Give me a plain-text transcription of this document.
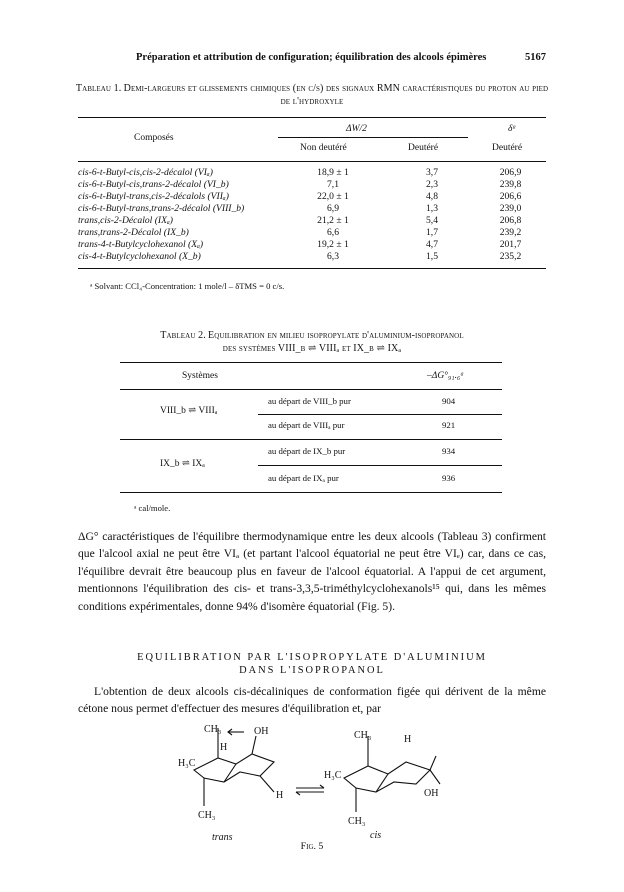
Préparation et attribution de configuration; équilibration des alcools épimères	5167
Tableau 1. Demi-largeurs et glissements chimiques (en c/s) des signaux RMN caractéristiques du proton au pied de l'hydroxyle
Composés
ΔW/2
Non deutéré	Deutéré
δᵃ
Deutéré
cis-6-t-Butyl-cis,cis-2-décalol (VIₐ)	18,9 ± 1	3,7	206,9
cis-6-t-Butyl-cis,trans-2-décalol (VI_b)	7,1	2,3	239,8
cis-6-t-Butyl-trans,cis-2-décalols (VIIₐ)	22,0 ± 1	4,8	206,6
cis-6-t-Butyl-trans,trans-2-décalol (VIII_b)	6,9	1,3	239,0
trans,cis-2-Décalol (IXₐ)	21,2 ± 1	5,4	206,8
trans,trans-2-Décalol (IX_b)	6,6	1,7	239,2
trans-4-t-Butylcyclohexanol (Xₐ)	19,2 ± 1	4,7	201,7
cis-4-t-Butylcyclohexanol (X_b)	6,3	1,5	235,2
ᵃ Solvant: CCl₄-Concentration: 1 mole/l – δTMS = 0 c/s.
Tableau 2. Equilibration en milieu isopropylate d'aluminium-isopropanol
des systèmes VIII_b ⇌ VIIIₐ et IX_b ⇌ IXₐ
Systèmes	–ΔG°₉₁.₆ᵃ
VIII_b ⇌ VIIIₐ
au départ de VIII_b pur	904
au départ de VIIIₐ pur	921
IX_b ⇌ IXₐ
au départ de IX_b pur	934
au départ de IXₐ pur	936
ᵃ cal/mole.
ΔG° caractéristiques de l'équilibre thermodynamique entre les deux alcools (Tableau 3) confirment que l'alcool axial ne peut être VIₐ (et partant l'alcool équatorial ne peut être VIₑ) car, dans ce cas, l'équilibre devrait être beaucoup plus en faveur de l'alcool équatorial. A l'appui de cet argument, mentionnons l'équilibration des cis- et trans-3,3,5-triméthylcyclohexanols¹⁵ qui, dans les mêmes conditions expérimentales, donne 94% d'isomère équatorial (Fig. 5).
EQUILIBRATION PAR L'ISOPROPYLATE D'ALUMINIUM DANS L'ISOPROPANOL
L'obtention de deux alcools cis-décaliniques de conformation figée qui dérivent de la même cétone nous permet d'effectuer des mesures d'équilibration et, par
CH₃	OH
H₃C
H
H
CH₃
trans
CH₃	H
H₃C
OH
CH₃
cis
Fig. 5
